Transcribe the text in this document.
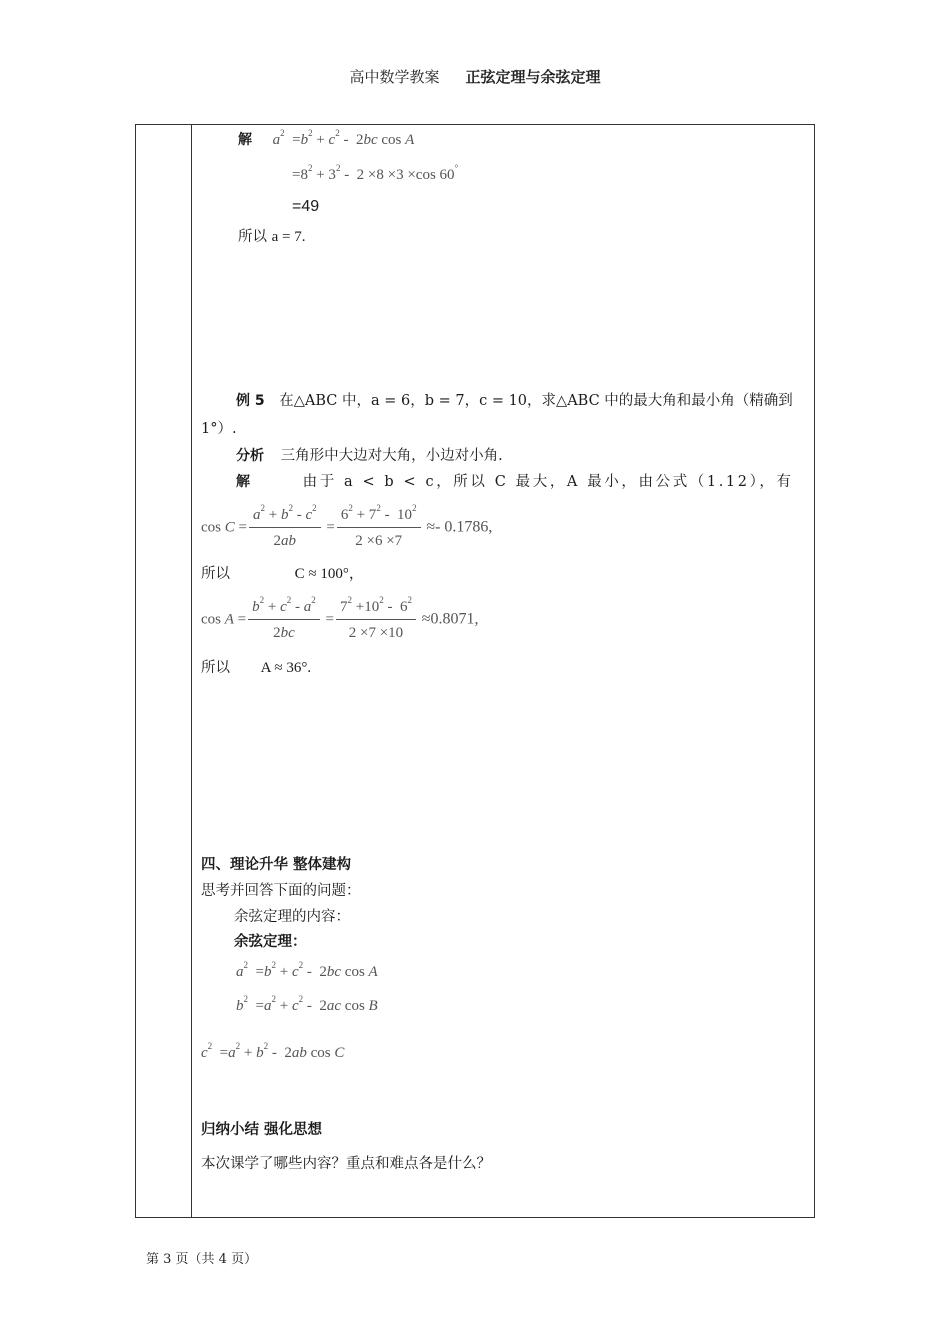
高中数学教案 正弦定理与余弦定理
解 $a^2 =b^2 + c^2 - 2bc$ cos A
$=8^2 + 3^2 - 2 \times 8 \times 3 \times\cos$ 60°
=49
所以 a = 7.
例 5 在△ABC 中，a = 6，b = 7，c = 10，求△ABC 中的最大角和最小角（精确到
1°）.
分析 三角形中大边对大角，小边对小角.
解	由于 a < b < c，所以 C 最大，A 最小，由公式（1.12），有
$\cos C = \frac{a^2 + b^2 - c^2}{2ab} = \frac{6^2 + 7^2 - 10^2}{2 \times 6 \times 7} \approx- 0.1786$,
所以	C ≈ 100°，
$\cos A = \frac{b^2 + c^2 - a^2}{2bc} = \frac{7^2 +10^2 - 6^2}{2 \times 7 \times 10} \approx 0.8071$,
所以 A ≈ 36°.
四、理论升华 整体建构
思考并回答下面的问题：
余弦定理的内容：
余弦定理：
$a^2 =b^2 + c^2 - 2bc$ cos A
$b^2 =a^2 + c^2 - 2ac$ cos B
$c^2 =a^2 + b^2 - 2ab$ cos C
归纳小结 强化思想
本次课学了哪些内容？重点和难点各是什么？
第 3 页（共 4 页）
